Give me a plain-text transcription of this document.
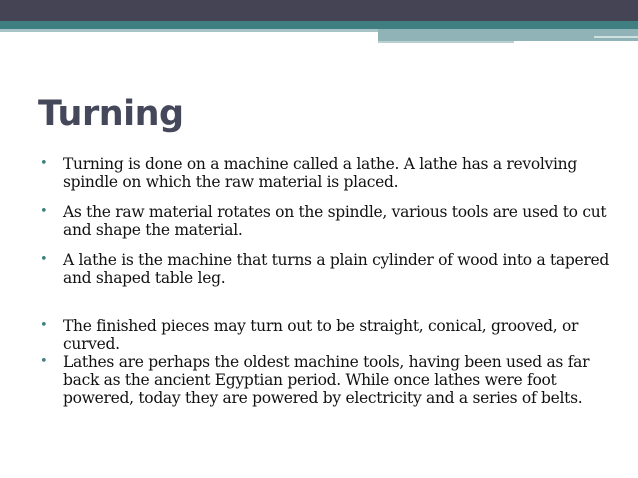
Turning
• Turning is done on a machine called a lathe. A lathe has a revolving spindle on which the raw material is placed.
• As the raw material rotates on the spindle, various tools are used to cut and shape the material.
• A lathe is the machine that turns a plain cylinder of wood into a tapered and shaped table leg.
• The finished pieces may turn out to be straight, conical, grooved, or curved.
• Lathes are perhaps the oldest machine tools, having been used as far back as the ancient Egyptian period. While once lathes were foot powered, today they are powered by electricity and a series of belts.
